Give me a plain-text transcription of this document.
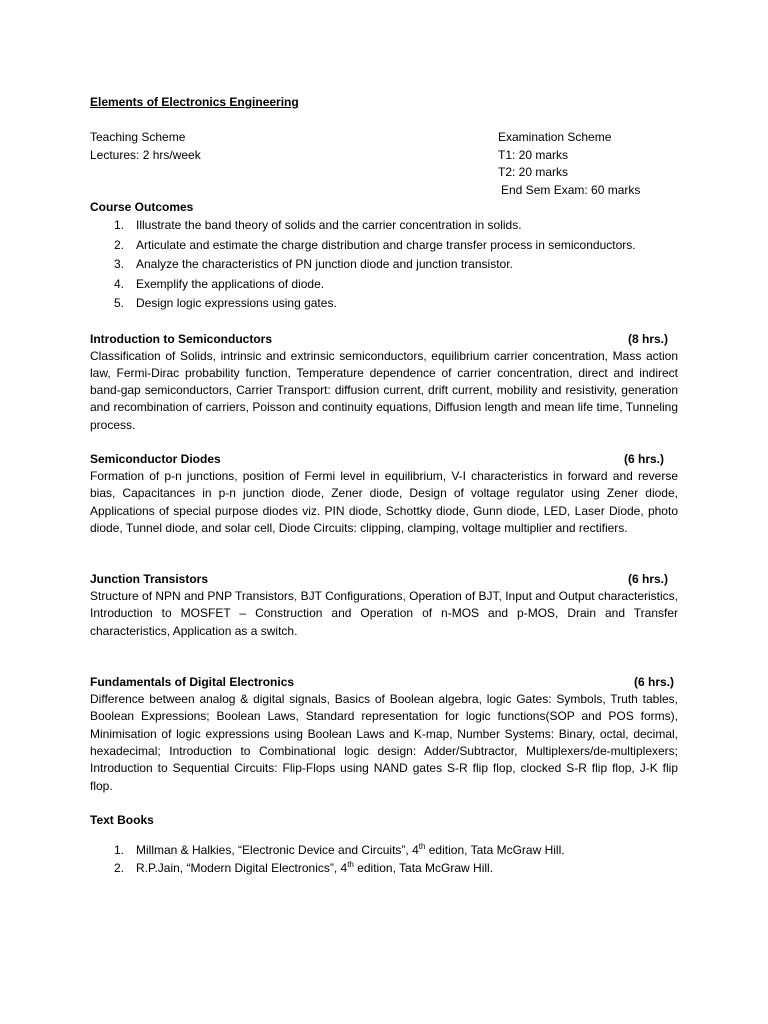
Elements of Electronics Engineering
Teaching Scheme
Lectures: 2 hrs/week
Examination Scheme
T1: 20 marks
T2: 20 marks
End Sem Exam: 60 marks
Course Outcomes
1. Illustrate the band theory of solids and the carrier concentration in solids.
2. Articulate and estimate the charge distribution and charge transfer process in semiconductors.
3. Analyze the characteristics of PN junction diode and junction transistor.
4. Exemplify the applications of diode.
5. Design logic expressions using gates.
Introduction to Semiconductors	(8 hrs.)

Classification of Solids, intrinsic and extrinsic semiconductors, equilibrium carrier concentration, Mass action law, Fermi-Dirac probability function, Temperature dependence of carrier concentration, direct and indirect band-gap semiconductors, Carrier Transport: diffusion current, drift current, mobility and resistivity, generation and recombination of carriers, Poisson and continuity equations, Diffusion length and mean life time, Tunneling process.

Semiconductor Diodes	(6 hrs.)

Formation of p-n junctions, position of Fermi level in equilibrium, V-I characteristics in forward and reverse bias, Capacitances in p-n junction diode, Zener diode, Design of voltage regulator using Zener diode, Applications of special purpose diodes viz. PIN diode, Schottky diode, Gunn diode, LED, Laser Diode, photo diode, Tunnel diode, and solar cell, Diode Circuits: clipping, clamping, voltage multiplier and rectifiers.

Junction Transistors	(6 hrs.)

Structure of NPN and PNP Transistors, BJT Configurations, Operation of BJT, Input and Output characteristics, Introduction to MOSFET – Construction and Operation of n-MOS and p-MOS, Drain and Transfer characteristics, Application as a switch.

Fundamentals of Digital Electronics	(6 hrs.)

Difference between analog & digital signals, Basics of Boolean algebra, logic Gates: Symbols, Truth tables, Boolean Expressions; Boolean Laws, Standard representation for logic functions(SOP and POS forms), Minimisation of logic expressions using Boolean Laws and K-map, Number Systems: Binary, octal, decimal, hexadecimal; Introduction to Combinational logic design: Adder/Subtractor, Multiplexers/de-multiplexers; Introduction to Sequential Circuits: Flip-Flops using NAND gates S-R flip flop, clocked S-R flip flop, J-K flip flop.

Text Books
1. Millman & Halkies, “Electronic Device and Circuits”, 4th edition, Tata McGraw Hill.
2. R.P.Jain, “Modern Digital Electronics”, 4th edition, Tata McGraw Hill.
